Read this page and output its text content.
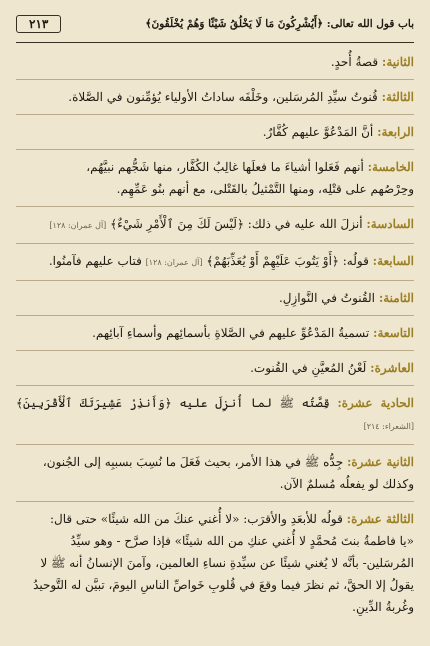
باب قول الله تعالى: ﴿أَيُشْرِكُونَ مَا لَا يَخْلُقُ شَيْئًا وَهُمْ يُخْلَقُونَ﴾
٢١٣

الثانية: قصةُ أُحدٍ.

الثالثة: قُنوتُ سيِّدِ المُرسَلين، وخَلْفَه ساداتُ الأولياء يُؤمِّنون في الصَّلاة.

الرابعة: أنَّ المَدْعُوَّ عليهم كُفَّارٌ.

الخامسة: أنهم فَعَلوا أشياءَ ما فعلَها غالِبُ الكُفَّار، منها شَجُّهم نبيَّهُم،

وحِرْصُهم على قتْلِه، ومنها التَّمْثيلُ بالقَتْلى، مع أنهم بنُو عَمِّهِم.

السادسة: أنزلَ الله عليه في ذلك: ﴿لَيْسَ لَكَ مِنَ ٱلْأَمْرِ شَيْءٌ﴾ [آل عمران: ١٢٨]

السابعة: قولُه: ﴿أَوْ يَتُوبَ عَلَيْهِمْ أَوْ يُعَذِّبَهُمْ﴾ [آل عمران: ١٢٨] فتاب عليهم فآمنُوا.

الثامنة: القُنوتُ في النَّوازِلِ.

التاسعة: تسميةُ المَدْعُوِّ عليهم في الصَّلاةِ بأسمائِهم وأسماءِ آبائِهم.

العاشرة: لَعْنُ المُعيَّنِ في القُنوت.

الحادية عشرة: قِصَّتُه ﷺ لما أُنزِلَ عليه ﴿وَأَنذِرْ عَشِيرَتَكَ ٱلْأَقْرَبِينَ﴾ [الشعراء: ٢١٤]

الثانية عشرة: جِدُّه ﷺ في هذا الأمر، بحيث فَعَلَ ما نُسِبَ بسببِه إلى الجُنون،

وكذلك لو يفعلُه مُسلمٌ الآن.

الثالثة عشرة: قولُه للأبعَدِ والأقرَب: «لا أُغني عنكَ من الله شيئًا» حتى قال:

«يا فاطمةُ بنتَ مُحمَّدٍ لا أُغني عنكِ من الله شيئًا» فإذا صرَّح - وهو سيِّدُ

المُرسَلين- بأنَّه لا يُغني شيئًا عن سيِّدةِ نساءِ العالمين، وآمنَ الإنسانُ أنه ﷺ لا

يقولُ إلا الحقَّ، ثم نظرَ فيما وقعَ في قُلوبِ خَواصِّ الناسِ اليومَ، تبيَّن له التَّوحيدُ

وغُربةُ الدِّينِ.
